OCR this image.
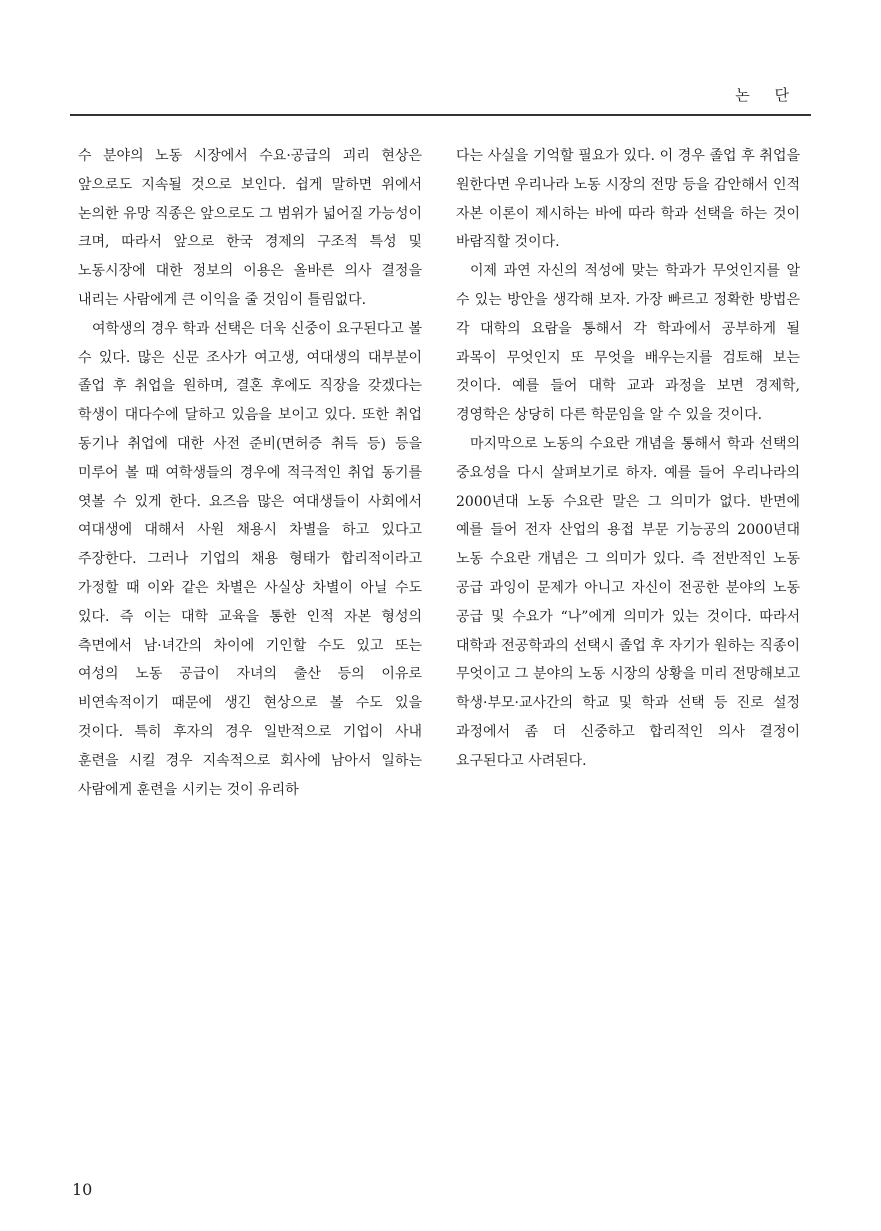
논 단

수 분야의 노동 시장에서 수요·공급의 괴리 현상은 앞으로도 지속될 것으로 보인다. 쉽게 말하면 위에서 논의한 유망 직종은 앞으로도 그 범위가 넓어질 가능성이 크며, 따라서 앞으로 한국 경제의 구조적 특성 및 노동시장에 대한 정보의 이용은 올바른 의사 결정을 내리는 사람에게 큰 이익을 줄 것임이 틀림없다.

여학생의 경우 학과 선택은 더욱 신중이 요구된다고 볼 수 있다. 많은 신문 조사가 여고생, 여대생의 대부분이 졸업 후 취업을 원하며, 결혼 후에도 직장을 갖겠다는 학생이 대다수에 달하고 있음을 보이고 있다. 또한 취업 동기나 취업에 대한 사전 준비(면허증 취득 등) 등을 미루어 볼 때 여학생들의 경우에 적극적인 취업 동기를 엿볼 수 있게 한다. 요즈음 많은 여대생들이 사회에서 여대생에 대해서 사원 채용시 차별을 하고 있다고 주장한다. 그러나 기업의 채용 형태가 합리적이라고 가정할 때 이와 같은 차별은 사실상 차별이 아닐 수도 있다. 즉 이는 대학 교육을 통한 인적 자본 형성의 측면에서 남·녀간의 차이에 기인할 수도 있고 또는 여성의 노동 공급이 자녀의 출산 등의 이유로 비연속적이기 때문에 생긴 현상으로 볼 수도 있을 것이다. 특히 후자의 경우 일반적으로 기업이 사내 훈련을 시킬 경우 지속적으로 회사에 남아서 일하는 사람에게 훈련을 시키는 것이 유리하

다는 사실을 기억할 필요가 있다. 이 경우 졸업 후 취업을 원한다면 우리나라 노동 시장의 전망 등을 감안해서 인적 자본 이론이 제시하는 바에 따라 학과 선택을 하는 것이 바람직할 것이다.

이제 과연 자신의 적성에 맞는 학과가 무엇인지를 알 수 있는 방안을 생각해 보자. 가장 빠르고 정확한 방법은 각 대학의 요람을 통해서 각 학과에서 공부하게 될 과목이 무엇인지 또 무엇을 배우는지를 검토해 보는 것이다. 예를 들어 대학 교과 과정을 보면 경제학, 경영학은 상당히 다른 학문임을 알 수 있을 것이다.

마지막으로 노동의 수요란 개념을 통해서 학과 선택의 중요성을 다시 살펴보기로 하자. 예를 들어 우리나라의 2000년대 노동 수요란 말은 그 의미가 없다. 반면에 예를 들어 전자 산업의 용접 부문 기능공의 2000년대 노동 수요란 개념은 그 의미가 있다. 즉 전반적인 노동 공급 과잉이 문제가 아니고 자신이 전공한 분야의 노동 공급 및 수요가 “나”에게 의미가 있는 것이다. 따라서 대학과 전공학과의 선택시 졸업 후 자기가 원하는 직종이 무엇이고 그 분야의 노동 시장의 상황을 미리 전망해보고 학생·부모·교사간의 학교 및 학과 선택 등 진로 설정 과정에서 좀 더 신중하고 합리적인 의사 결정이 요구된다고 사려된다.

10
